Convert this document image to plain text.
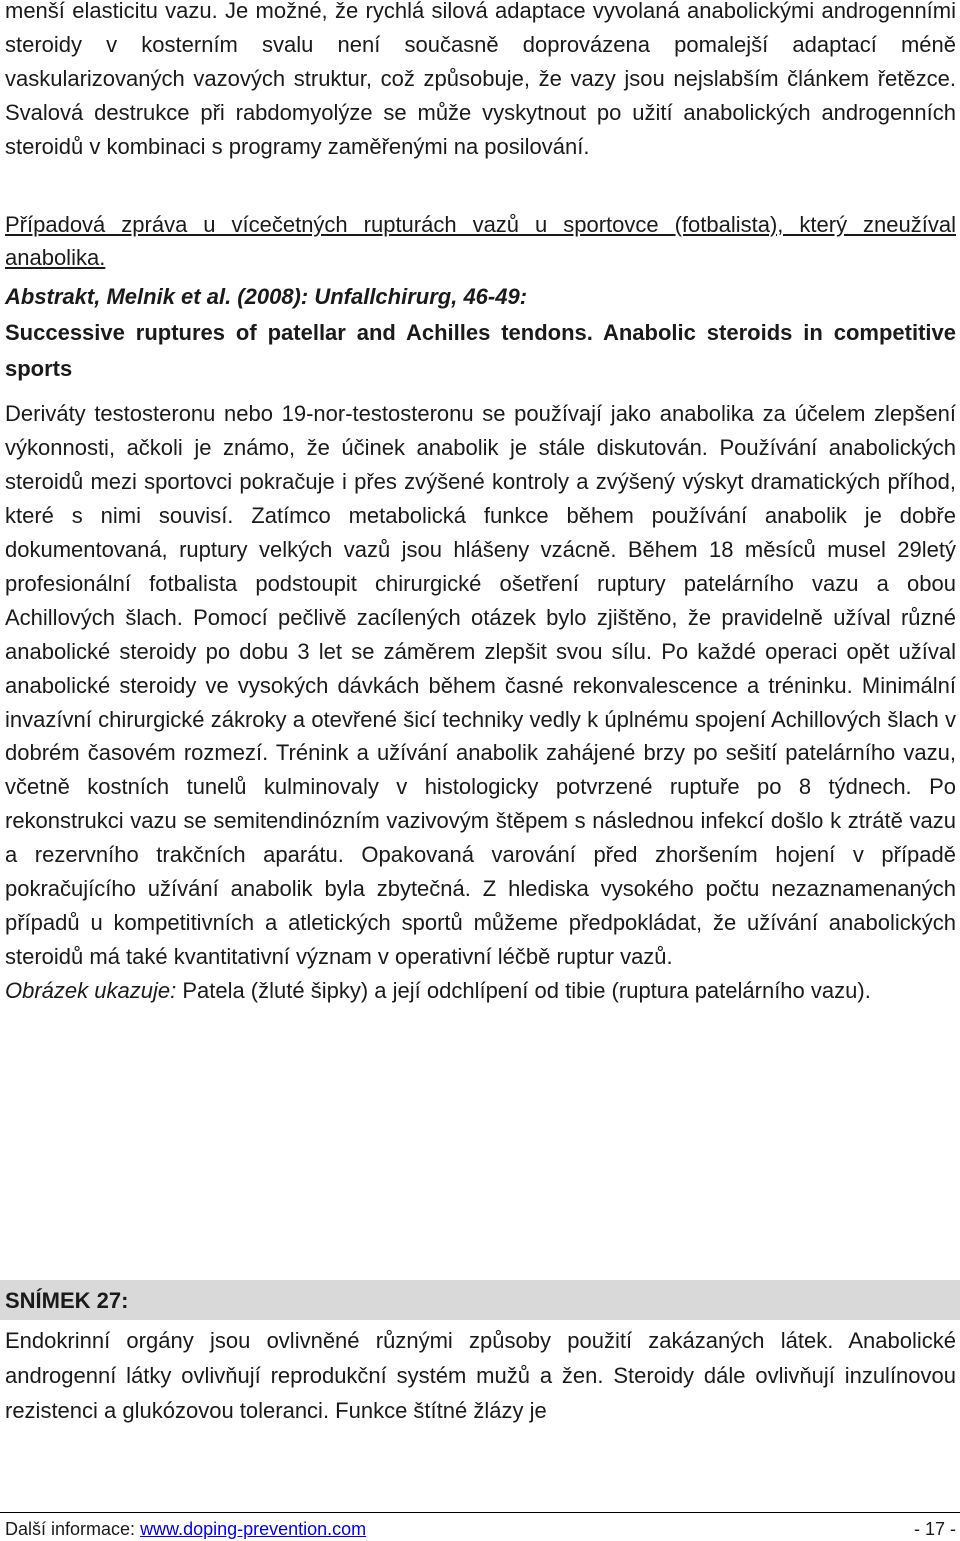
menší elasticitu vazu. Je možné, že rychlá silová adaptace vyvolaná anabolickými androgenními steroidy v kosterním svalu není současně doprovázena pomalejší adaptací méně vaskularizovaných vazových struktur, což způsobuje, že vazy jsou nejslabším článkem řetězce. Svalová destrukce při rabdomyolýze se může vyskytnout po užití anabolických androgenních steroidů v kombinaci s programy zaměřenými na posilování.

Případová zpráva u vícečetných rupturách vazů u sportovce (fotbalista), který zneužíval anabolika.

Abstrakt, Melnik et al. (2008): Unfallchirurg, 46-49:

Successive ruptures of patellar and Achilles tendons. Anabolic steroids in competitive sports

Deriváty testosteronu nebo 19-nor-testosteronu se používají jako anabolika za účelem zlepšení výkonnosti, ačkoli je známo, že účinek anabolik je stále diskutován. Používání anabolických steroidů mezi sportovci pokračuje i přes zvýšené kontroly a zvýšený výskyt dramatických příhod, které s nimi souvisí. Zatímco metabolická funkce během používání anabolik je dobře dokumentovaná, ruptury velkých vazů jsou hlášeny vzácně. Během 18 měsíců musel 29letý profesionální fotbalista podstoupit chirurgické ošetření ruptury patelárního vazu a obou Achillových šlach. Pomocí pečlivě zacílených otázek bylo zjištěno, že pravidelně užíval různé anabolické steroidy po dobu 3 let se záměrem zlepšit svou sílu. Po každé operaci opět užíval anabolické steroidy ve vysokých dávkách během časné rekonvalescence a tréninku. Minimální invazívní chirurgické zákroky a otevřené šicí techniky vedly k úplnému spojení Achillových šlach v dobrém časovém rozmezí. Trénink a užívání anabolik zahájené brzy po sešití patelárního vazu, včetně kostních tunelů kulminovaly v histologicky potvrzené ruptuře po 8 týdnech. Po rekonstrukci vazu se semitendinózním vazivovým štěpem s následnou infekcí došlo k ztrátě vazu a rezervního trakčních aparátu. Opakovaná varování před zhoršením hojení v případě pokračujícího užívání anabolik byla zbytečná. Z hlediska vysokého počtu nezaznamenaných případů u kompetitivních a atletických sportů můžeme předpokládat, že užívání anabolických steroidů má také kvantitativní význam v operativní léčbě ruptur vazů.

Obrázek ukazuje: Patela (žluté šipky) a její odchlípení od tibie (ruptura patelárního vazu).

SNÍMEK 27:

Endokrinní orgány jsou ovlivněné různými způsoby použití zakázaných látek. Anabolické androgenní látky ovlivňují reprodukční systém mužů a žen. Steroidy dále ovlivňují inzulínovou rezistenci a glukózovou toleranci. Funkce štítné žlázy je

Další informace: www.doping-prevention.com	- 17 -
